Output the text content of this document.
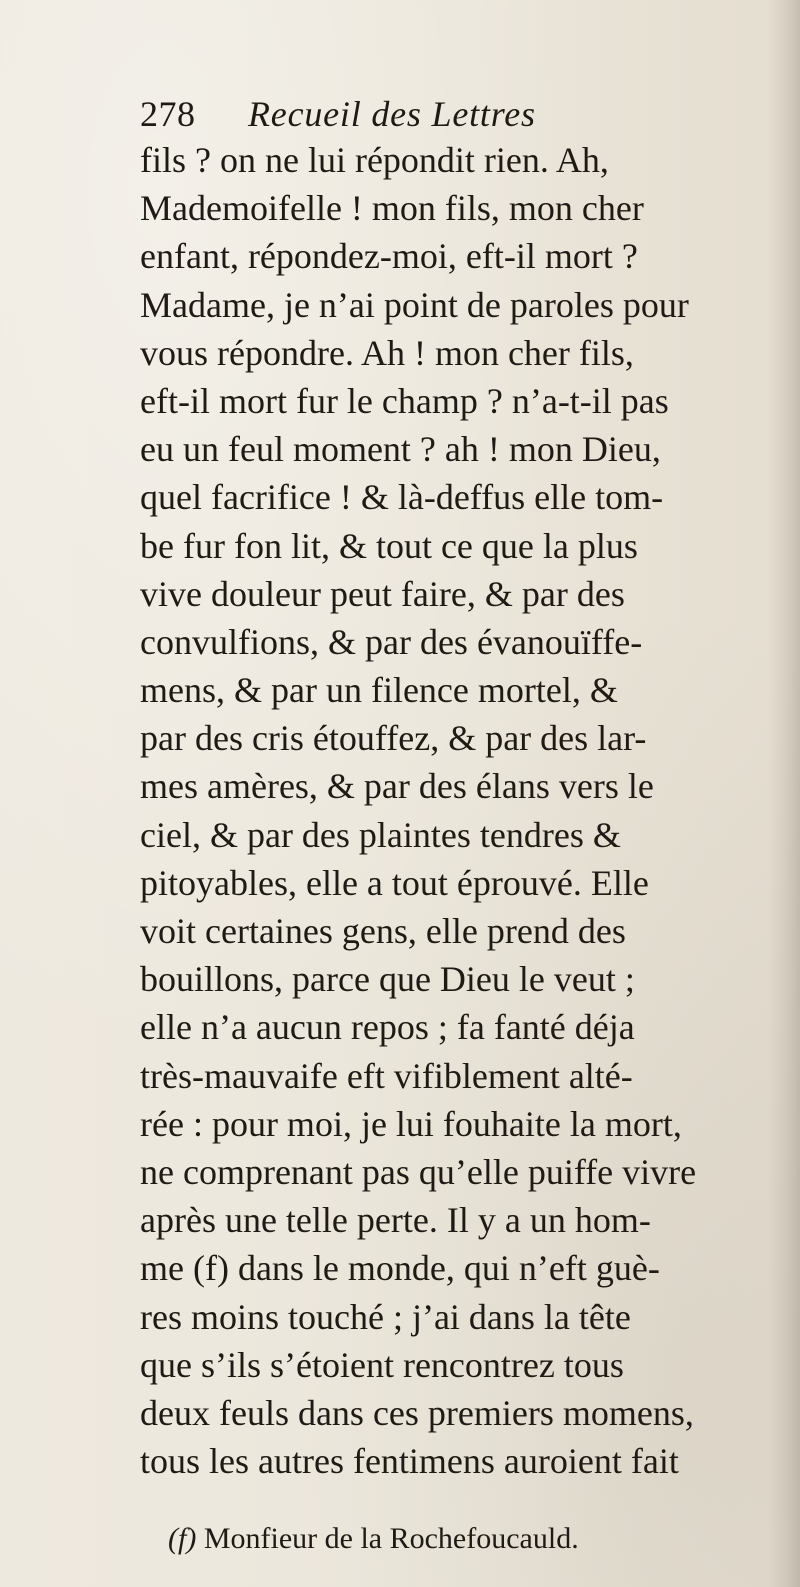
278 Recueil des Lettres
fils ? on ne lui répondit rien. Ah,
Mademoifelle ! mon fils, mon cher
enfant, répondez-moi, eft-il mort ?
Madame, je n’ai point de paroles pour
vous répondre. Ah ! mon cher fils,
eft-il mort fur le champ ? n’a-t-il pas
eu un feul moment ? ah ! mon Dieu,
quel facrifice ! & là-deffus elle tom-
be fur fon lit, & tout ce que la plus
vive douleur peut faire, & par des
convulfions, & par des évanouïffe-
mens, & par un filence mortel, &
par des cris étouffez, & par des lar-
mes amères, & par des élans vers le
ciel, & par des plaintes tendres &
pitoyables, elle a tout éprouvé. Elle
voit certaines gens, elle prend des
bouillons, parce que Dieu le veut ;
elle n’a aucun repos ; fa fanté déja
très-mauvaife eft vifiblement alté-
rée : pour moi, je lui fouhaite la mort,
ne comprenant pas qu’elle puiffe vivre
après une telle perte. Il y a un hom-
me (f) dans le monde, qui n’eft guè-
res moins touché ; j’ai dans la tête
que s’ils s’étoient rencontrez tous
deux feuls dans ces premiers momens,
tous les autres fentimens auroient fait
(f) Monfieur de la Rochefoucauld.
